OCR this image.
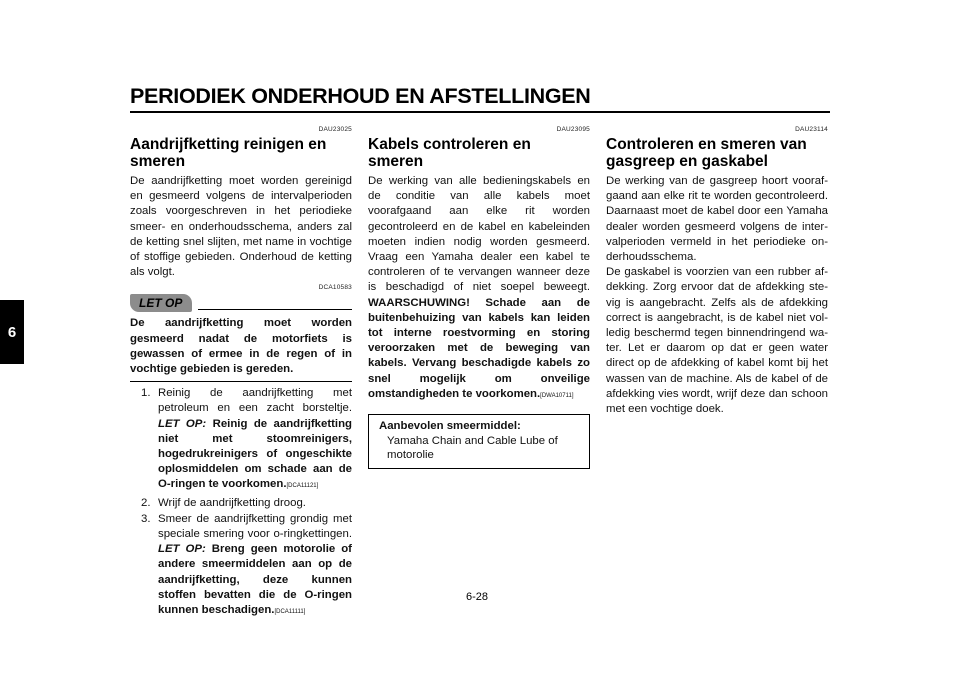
PERIODIEK ONDERHOUD EN AFSTELLINGEN
6
DAU23025
Aandrijfketting reinigen en smeren

De aandrijfketting moet worden gereinigd en gesmeerd volgens de intervalperioden zoals voorgeschreven in het periodieke smeer- en onderhoudsschema, anders zal de ketting snel slijten, met name in vochtige of stoffige gebieden. Onderhoud de ketting als volgt.

DCA10583
LET OP

De aandrijfketting moet worden gesmeerd nadat de motorfiets is gewassen of ermee in de regen of in vochtige gebieden is gereden.

1. Reinig de aandrijfketting met petroleum en een zacht borsteltje. LET OP: Reinig de aandrijfketting niet met stoomreinigers, hogedrukreinigers of ongeschikte oplosmiddelen om schade aan de O-ringen te voorkomen.[DCA11121]
2. Wrijf de aandrijfketting droog.
3. Smeer de aandrijfketting grondig met speciale smering voor o-ringkettingen. LET OP: Breng geen motorolie of andere smeermiddelen aan op de aandrijfketting, deze kunnen stoffen bevatten die de O-ringen kunnen beschadigen.[DCA11111]
DAU23095
Kabels controleren en smeren

De werking van alle bedieningskabels en de conditie van alle kabels moet voorafgaand aan elke rit worden gecontroleerd en de kabel en kabeleinden moeten indien nodig worden gesmeerd. Vraag een Yamaha dealer een kabel te controleren of te vervangen wanneer deze is beschadigd of niet soepel beweegt. WAARSCHUWING! Schade aan de buitenbehuizing van kabels kan leiden tot interne roestvorming en storing veroorzaken met de beweging van kabels. Vervang beschadigde kabels zo snel mogelijk om onveilige omstandigheden te voorkomen.[DWA10711]

Aanbevolen smeermiddel:
Yamaha Chain and Cable Lube of motorolie
DAU23114
Controleren en smeren van gasgreep en gaskabel

De werking van de gasgreep hoort vooraf-gaand aan elke rit te worden gecontroleerd. Daarnaast moet de kabel door een Yamaha dealer worden gesmeerd volgens de inter-valperioden vermeld in het periodieke on-derhoudsschema.

De gaskabel is voorzien van een rubber af-dekking. Zorg ervoor dat de afdekking ste-vig is aangebracht. Zelfs als de afdekking correct is aangebracht, is de kabel niet vol-ledig beschermd tegen binnendringend wa-ter. Let er daarom op dat er geen water direct op de afdekking of kabel komt bij het wassen van de machine. Als de kabel of de afdekking vies wordt, wrijf deze dan schoon met een vochtige doek.

6-28
